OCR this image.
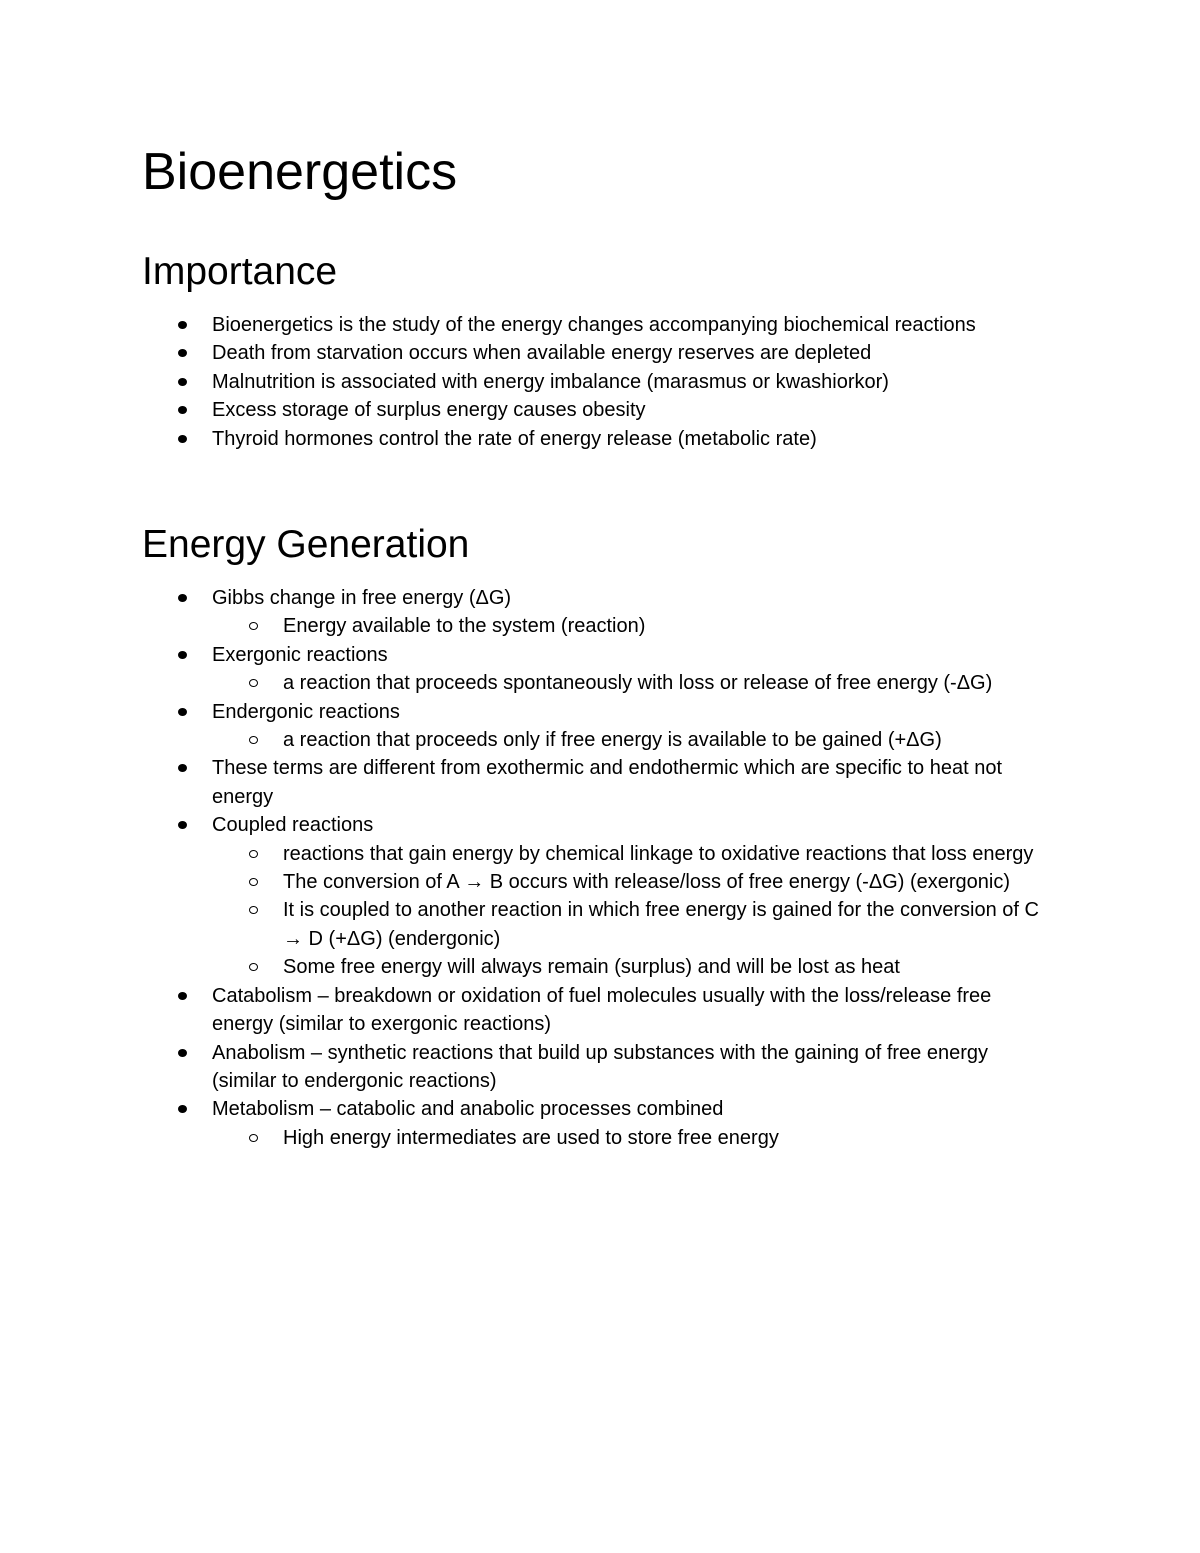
Bioenergetics
Importance
Bioenergetics is the study of the energy changes accompanying biochemical reactions
Death from starvation occurs when available energy reserves are depleted
Malnutrition is associated with energy imbalance (marasmus or kwashiorkor)
Excess storage of surplus energy causes obesity
Thyroid hormones control the rate of energy release (metabolic rate)
Energy Generation
Gibbs change in free energy (ΔG)
Energy available to the system (reaction)
Exergonic reactions
a reaction that proceeds spontaneously with loss or release of free energy (-ΔG)
Endergonic reactions
a reaction that proceeds only if free energy is available to be gained (+ΔG)
These terms are different from exothermic and endothermic which are specific to heat not energy
Coupled reactions
reactions that gain energy by chemical linkage to oxidative reactions that loss energy
The conversion of A → B occurs with release/loss of free energy (-ΔG) (exergonic)
It is coupled to another reaction in which free energy is gained for the conversion of C → D (+ΔG) (endergonic)
Some free energy will always remain (surplus) and will be lost as heat
Catabolism – breakdown or oxidation of fuel molecules usually with the loss/release free energy (similar to exergonic reactions)
Anabolism – synthetic reactions that build up substances with the gaining of free energy (similar to endergonic reactions)
Metabolism – catabolic and anabolic processes combined
High energy intermediates are used to store free energy
